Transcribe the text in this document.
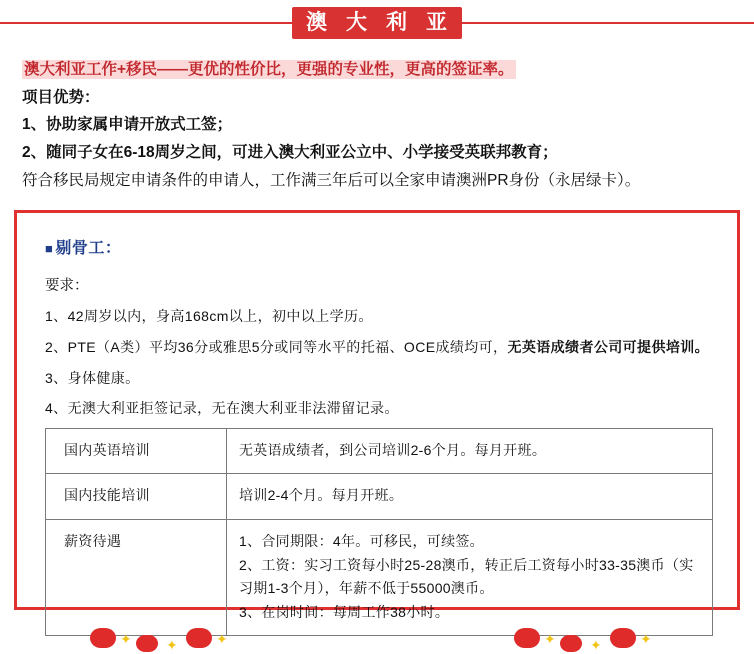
澳 大 利 亚

澳大利亚工作+移民——更优的性价比，更强的专业性，更高的签证率。

项目优势：

1、协助家属申请开放式工签；

2、随同子女在6-18周岁之间，可进入澳大利亚公立中、小学接受英联邦教育；

符合移民局规定申请条件的申请人，工作满三年后可以全家申请澳洲PR身份（永居绿卡）。

■ 剔骨工：
要求：
1、42周岁以内，身高168cm以上，初中以上学历。
2、PTE（A类）平均36分或雅思5分或同等水平的托福、OCE成绩均可，无英语成绩者公司可提供培训。
3、身体健康。
4、无澳大利亚拒签记录，无在澳大利亚非法滞留记录。
国内英语培训	无英语成绩者，到公司培训2-6个月。每月开班。

国内技能培训	培训2-4个月。每月开班。

薪资待遇	1、合同期限：4年。可移民，可续签。

2、工资：实习工资每小时25-28澳币，转正后工资每小时33-35澳币（实习期1-3个月），年薪不低于55000澳币。

3、在岗时间：每周工作38小时。

✦ ✦	✦	✦ ✦	✦
